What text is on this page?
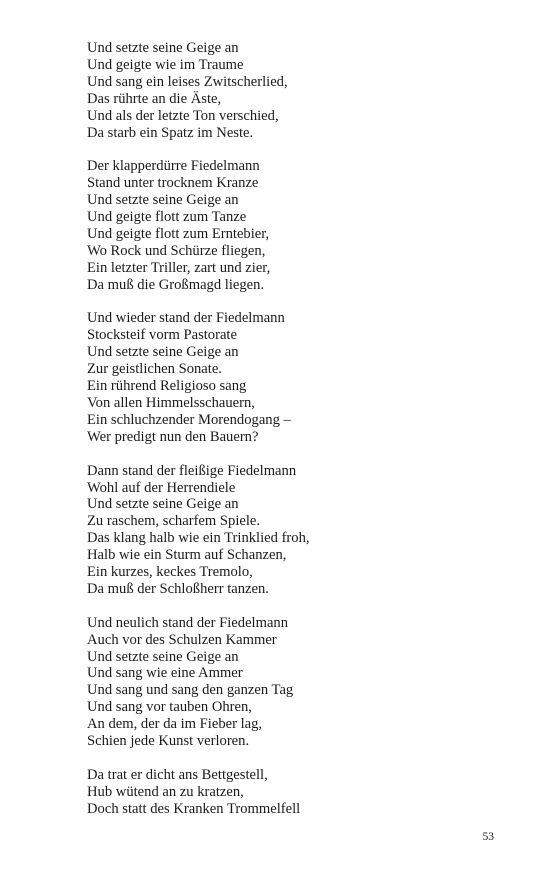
Und setzte seine Geige an
Und geigte wie im Traume
Und sang ein leises Zwitscherlied,
Das rührte an die Äste,
Und als der letzte Ton verschied,
Da starb ein Spatz im Neste.
Der klapperdürre Fiedelmann
Stand unter trocknem Kranze
Und setzte seine Geige an
Und geigte flott zum Tanze
Und geigte flott zum Erntebier,
Wo Rock und Schürze fliegen,
Ein letzter Triller, zart und zier,
Da muß die Großmagd liegen.
Und wieder stand der Fiedelmann
Stocksteif vorm Pastorate
Und setzte seine Geige an
Zur geistlichen Sonate.
Ein rührend Religioso sang
Von allen Himmelsschauern,
Ein schluchzender Morendogang –
Wer predigt nun den Bauern?
Dann stand der fleißige Fiedelmann
Wohl auf der Herrendiele
Und setzte seine Geige an
Zu raschem, scharfem Spiele.
Das klang halb wie ein Trinklied froh,
Halb wie ein Sturm auf Schanzen,
Ein kurzes, keckes Tremolo,
Da muß der Schloßherr tanzen.
Und neulich stand der Fiedelmann
Auch vor des Schulzen Kammer
Und setzte seine Geige an
Und sang wie eine Ammer
Und sang und sang den ganzen Tag
Und sang vor tauben Ohren,
An dem, der da im Fieber lag,
Schien jede Kunst verloren.
Da trat er dicht ans Bettgestell,
Hub wütend an zu kratzen,
Doch statt des Kranken Trommelfell
53
